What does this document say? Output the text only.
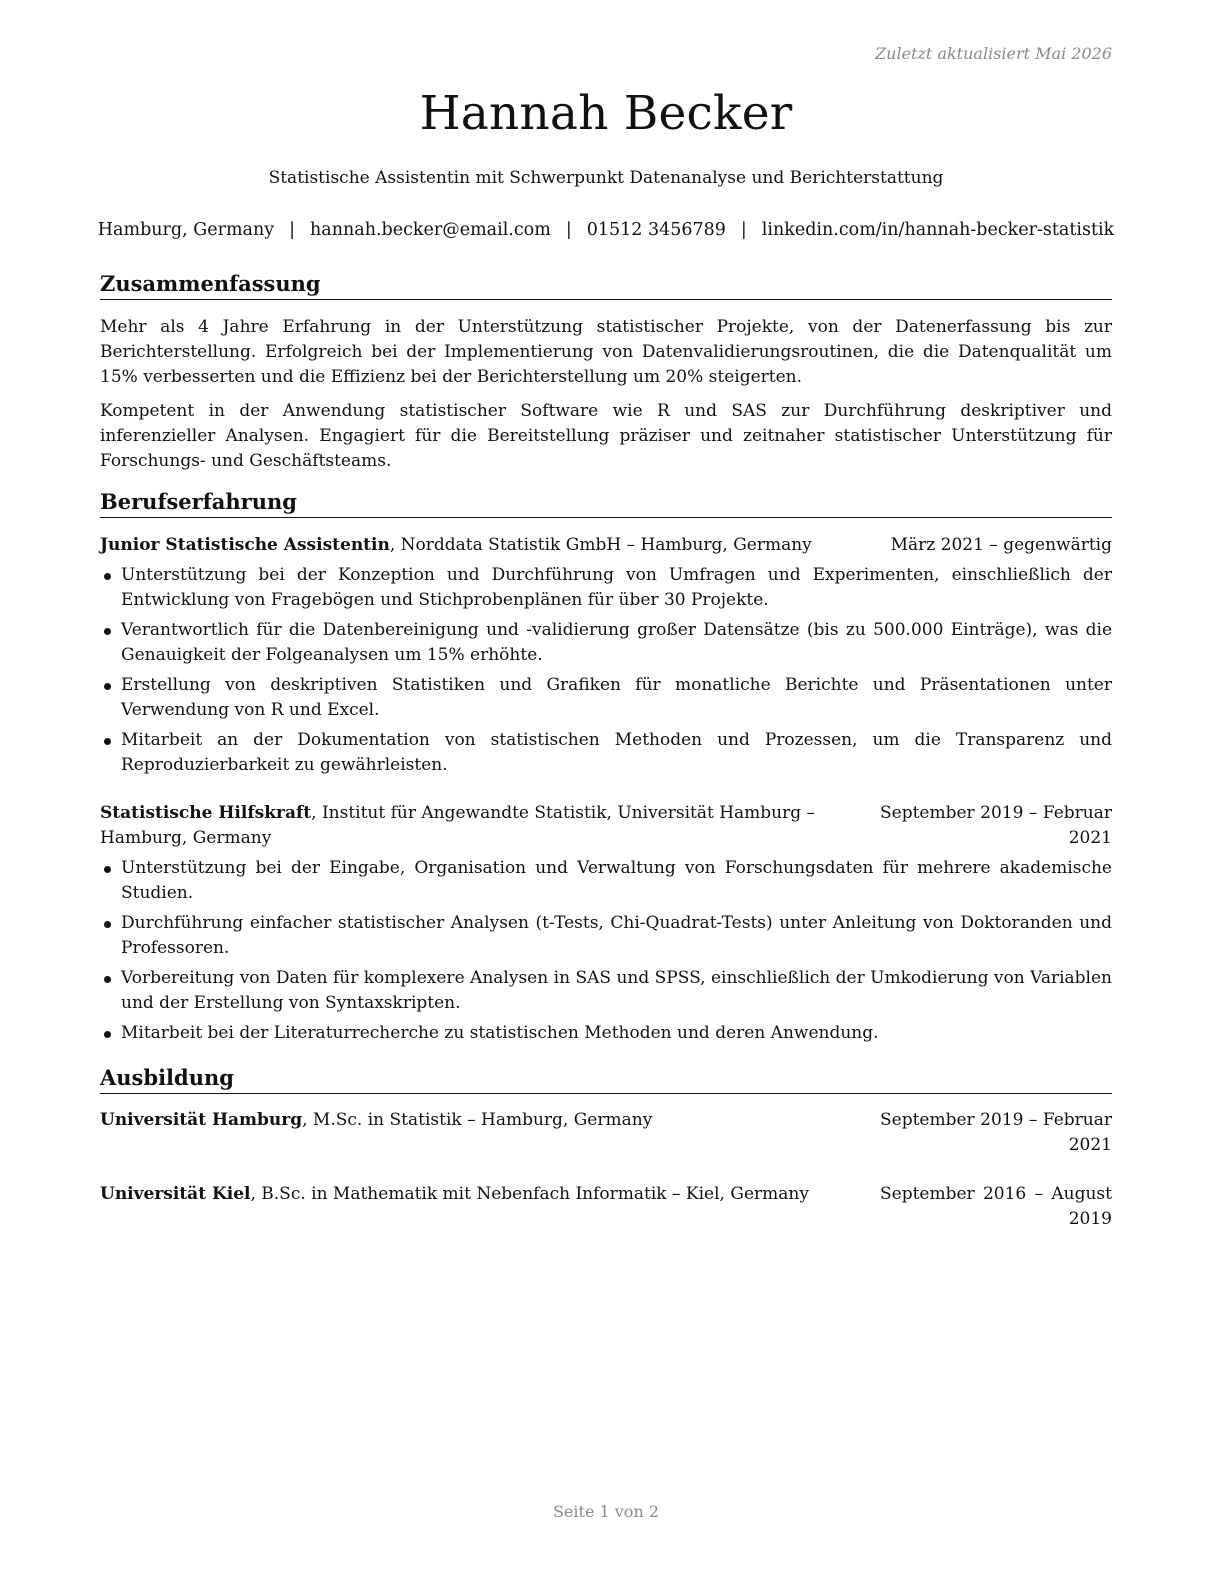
Zuletzt aktualisiert Mai 2026
Hannah Becker
Statistische Assistentin mit Schwerpunkt Datenanalyse und Berichterstattung
Hamburg, Germany | hannah.becker@email.com | 01512 3456789 | linkedin.com/in/hannah-becker-statistik
Zusammenfassung

Mehr als 4 Jahre Erfahrung in der Unterstützung statistischer Projekte, von der Datenerfassung bis zur Berichterstellung. Erfolgreich bei der Implementierung von Datenvalidierungsroutinen, die die Datenqualität um 15% verbesserten und die Effizienz bei der Berichterstellung um 20% steigerten.

Kompetent in der Anwendung statistischer Software wie R und SAS zur Durchführung deskriptiver und inferenzieller Analysen. Engagiert für die Bereitstellung präziser und zeitnaher statistischer Unterstützung für Forschungs- und Geschäftsteams.

Berufserfahrung
Junior Statistische Assistentin, Norddata Statistik GmbH – Hamburg, Germany	März 2021 – gegenwärtig
Unterstützung bei der Konzeption und Durchführung von Umfragen und Experimenten, einschließlich der Entwicklung von Fragebögen und Stichprobenplänen für über 30 Projekte.
Verantwortlich für die Datenbereinigung und -validierung großer Datensätze (bis zu 500.000 Einträge), was die Genauigkeit der Folgeanalysen um 15% erhöhte.
Erstellung von deskriptiven Statistiken und Grafiken für monatliche Berichte und Präsentationen unter Verwendung von R und Excel.
Mitarbeit an der Dokumentation von statistischen Methoden und Prozessen, um die Transparenz und Reproduzierbarkeit zu gewährleisten.
Statistische Hilfskraft, Institut für Angewandte Statistik, Universität Hamburg – Hamburg, Germany
September 2019 – Februar 2021
Unterstützung bei der Eingabe, Organisation und Verwaltung von Forschungsdaten für mehrere akademische Studien.
Durchführung einfacher statistischer Analysen (t-Tests, Chi-Quadrat-Tests) unter Anleitung von Doktoranden und Professoren.
Vorbereitung von Daten für komplexere Analysen in SAS und SPSS, einschließlich der Umkodierung von Variablen und der Erstellung von Syntaxskripten.
Mitarbeit bei der Literaturrecherche zu statistischen Methoden und deren Anwendung.
Ausbildung
Universität Hamburg, M.Sc. in Statistik – Hamburg, Germany	September 2019 – Februar 2021
Universität Kiel, B.Sc. in Mathematik mit Nebenfach Informatik – Kiel, Germany	September 2016 – August 2019
Seite 1 von 2
